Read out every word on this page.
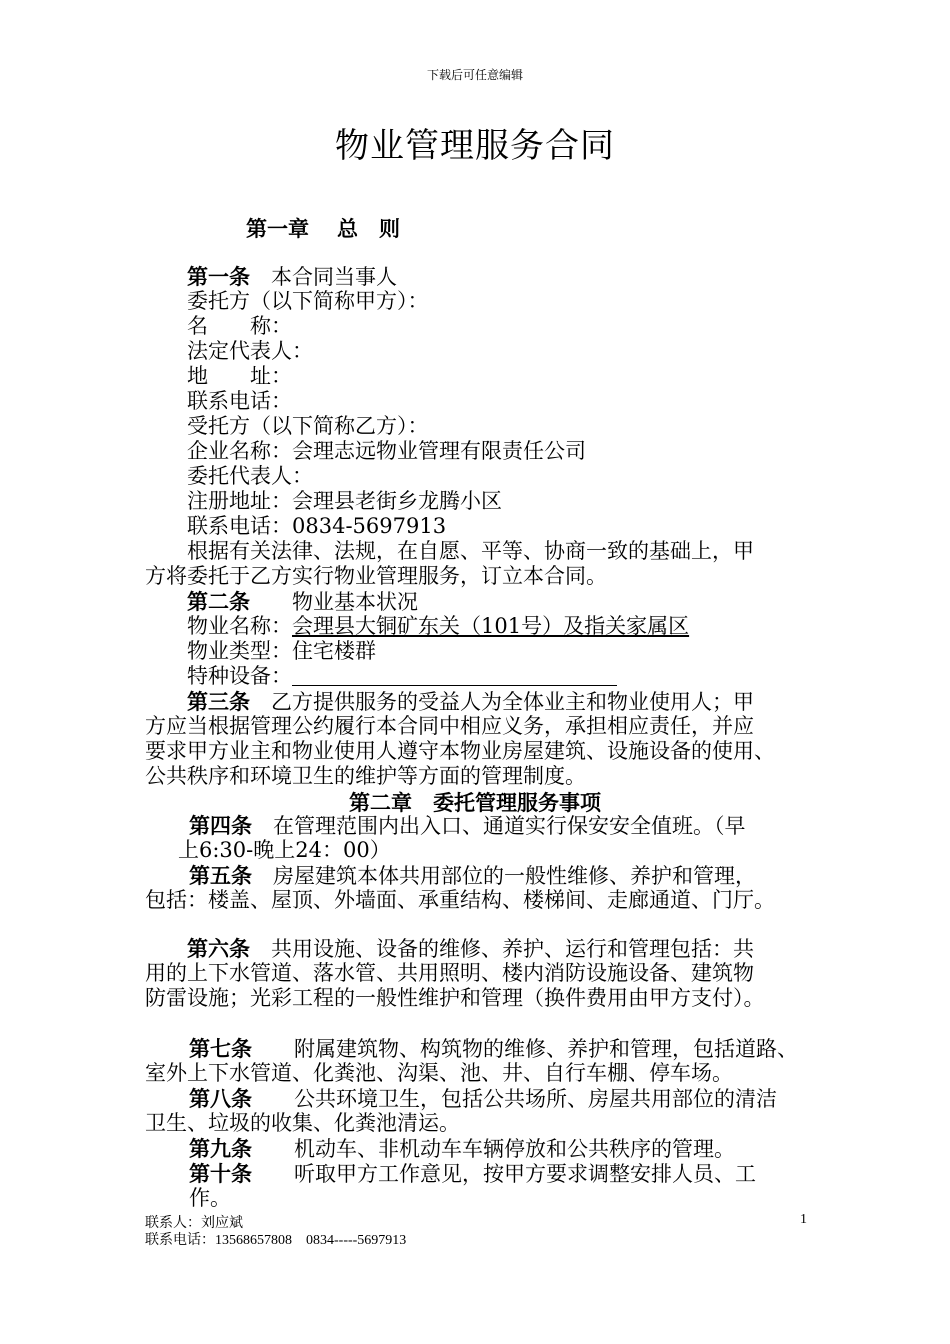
下载后可任意编辑
物业管理服务合同
第一章 总　则
第一条　 本合同当事人
委托方（以下简称甲方）：
名　　称：
法定代表人：
地　　址：
联系电话：
受托方（以下简称乙方）：
企业名称：会理志远物业管理有限责任公司
委托代表人：
注册地址：会理县老街乡龙腾小区
联系电话：0834-5697913
根据有关法律、法规，在自愿、平等、协商一致的基础上，甲
方将委托于乙方实行物业管理服务，订立本合同。
第二条　　 物业基本状况
物业名称：会理县大铜矿东关（101号）及指关家属区
物业类型：住宅楼群
特种设备：
第三条　 乙方提供服务的受益人为全体业主和物业使用人；甲
方应当根据管理公约履行本合同中相应义务，承担相应责任，并应
要求甲方业主和物业使用人遵守本物业房屋建筑、设施设备的使用、
公共秩序和环境卫生的维护等方面的管理制度。
第二章　 委托管理服务事项
第四条　 在管理范围内出入口、通道实行保安安全值班。（早
上6:30-晚上24：00）
第五条　 房屋建筑本体共用部位的一般性维修、养护和管理，
包括：楼盖、屋顶、外墙面、承重结构、楼梯间、走廊通道、门厅。
第六条　 共用设施、设备的维修、养护、运行和管理包括：共
用的上下水管道、落水管、共用照明、楼内消防设施设备、建筑物
防雷设施；光彩工程的一般性维护和管理（换件费用由甲方支付）。
第七条　　 附属建筑物、构筑物的维修、养护和管理，包括道路、
室外上下水管道、化粪池、沟渠、池、井、自行车棚、停车场。
第八条　　 公共环境卫生，包括公共场所、房屋共用部位的清洁
卫生、垃圾的收集、化粪池清运。
第九条　　 机动车、非机动车车辆停放和公共秩序的管理。
第十条　　 听取甲方工作意见，按甲方要求调整安排人员、工
作。
联系人：刘应斌	1
联系电话：13568657808　0834-----5697913
